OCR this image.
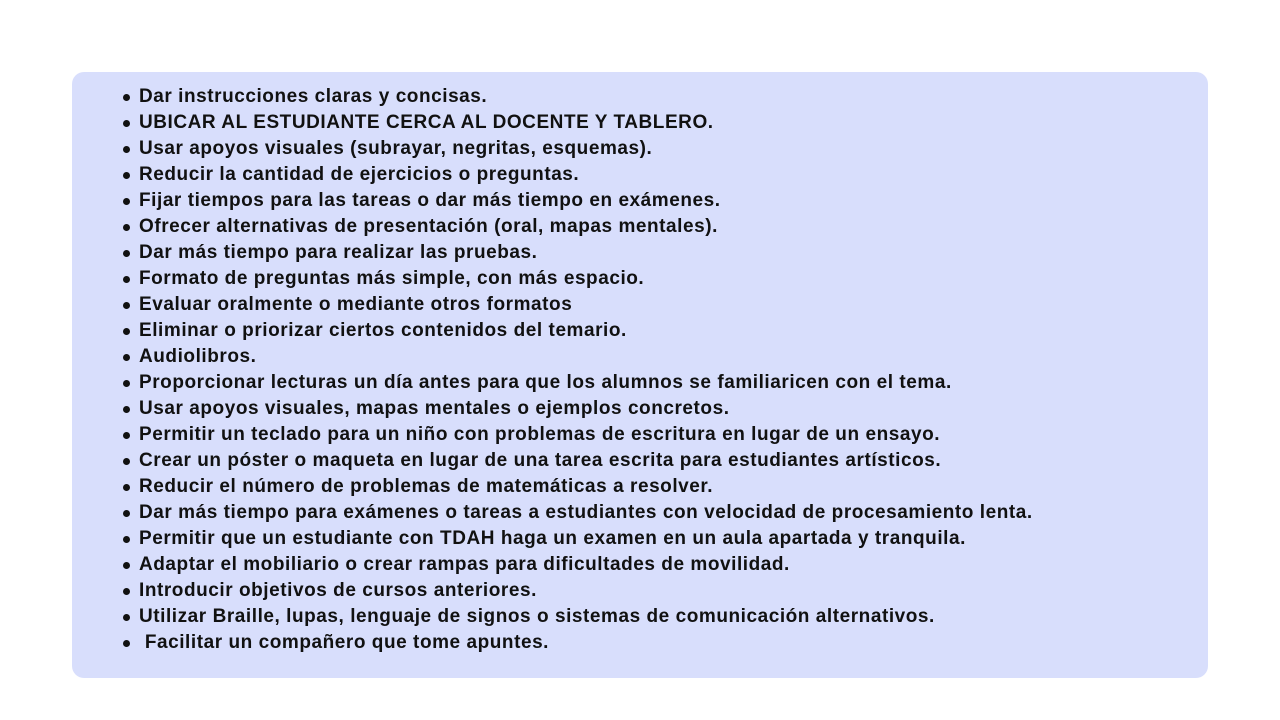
Dar instrucciones claras y concisas.
UBICAR AL ESTUDIANTE CERCA AL DOCENTE Y TABLERO.
Usar apoyos visuales (subrayar, negritas, esquemas).
Reducir la cantidad de ejercicios o preguntas.
Fijar tiempos para las tareas o dar más tiempo en exámenes.
Ofrecer alternativas de presentación (oral, mapas mentales).
Dar más tiempo para realizar las pruebas.
Formato de preguntas más simple, con más espacio.
Evaluar oralmente o mediante otros formatos
Eliminar o priorizar ciertos contenidos del temario.
Audiolibros.
Proporcionar lecturas un día antes para que los alumnos se familiaricen con el tema.
Usar apoyos visuales, mapas mentales o ejemplos concretos.
Permitir un teclado para un niño con problemas de escritura en lugar de un ensayo.
Crear un póster o maqueta en lugar de una tarea escrita para estudiantes artísticos.
Reducir el número de problemas de matemáticas a resolver.
Dar más tiempo para exámenes o tareas a estudiantes con velocidad de procesamiento lenta.
Permitir que un estudiante con TDAH haga un examen en un aula apartada y tranquila.
Adaptar el mobiliario o crear rampas para dificultades de movilidad.
Introducir objetivos de cursos anteriores.
Utilizar Braille, lupas, lenguaje de signos o sistemas de comunicación alternativos.
Facilitar un compañero que tome apuntes.
